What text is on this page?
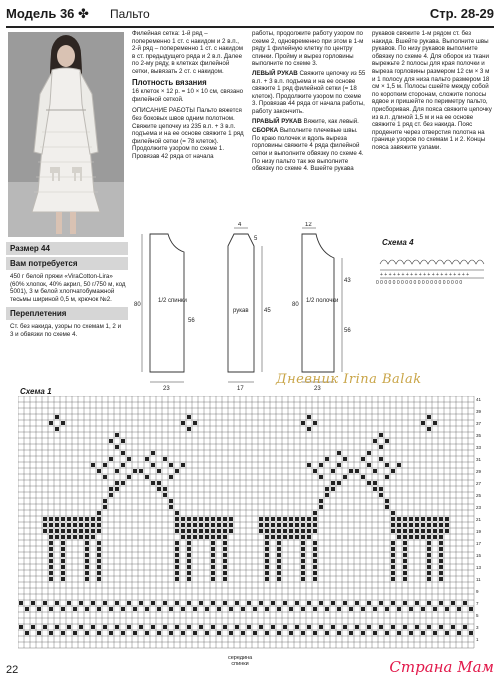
Модель 36 ✤ Пальто	Стр. 28-29

Филейная сетка: 1-й ряд – попеременно 1 ст. с накидом и 2 в.п., 2-й ряд – попеременно 1 ст. с накидом в ст. предыдущего ряда и 2 в.п. Далее по 2-му ряду, в клетках филейной сетки, вывязать 2 ст. с накидом.

Плотность вязания

16 клеток × 12 р. = 10 × 10 см, связано филейной сеткой.

ОПИСАНИЕ РАБОТЫ Пальто вяжется без боковых швов одним полотном. Свяжите цепочку из 235 в.п. + 3 в.п. подъема и на ее основе свяжите 1 ряд филейной сетки (= 78 клеток). Продолжите узором по схеме 1. Провязав 42 ряда от начала

работы, продолжите работу узором по схеме 2, одновременно при этом в 1-м ряду 1 филейную клетку по центру спинки. Пройму и вырез горловины выполните по схеме 3.

ЛЕВЫЙ РУКАВ Свяжите цепочку из 55 в.п. + 3 в.п. подъема и на ее основе свяжите 1 ряд филейной сетки (= 18 клеток). Продолжите узором по схеме 3. Провязав 44 ряда от начала работы, работу закончить.

ПРАВЫЙ РУКАВ Вяжите, как левый.

СБОРКА Выполните плечевые швы. По краю полочек и вдоль выреза горловины свяжите 4 ряда филейной сетки и выполните обвязку по схеме 4. По низу пальто так же выполните обвязку по схеме 4. Вшейте рукава

рукавов свяжите 1-м рядом ст. без накида. Вшейте рукава. Выполните швы рукавов. По низу рукавов выполните обвязку по схеме 4. Для оборок из ткани вырежьте 2 полосы для края полочки и выреза горловины размером 12 см × 3 м и 1 полосу для низа пальто размером 18 см × 1,5 м. Полосы сшейте между собой по коротким сторонам, сложите полосы вдвое и пришейте по периметру пальто, присборивая. Для пояса свяжите цепочку из в.п. длиной 1,5 м и на ее основе свяжите 1 ряд ст. без накида. Пояс продените через отверстия полотна на границе узоров по схемам 1 и 2. Концы пояса завяжите узлами.

Размер 44
Вам потребуется
450 г белой пряжи «ViraCotton-Lira» (60% хлопок, 40% акрил, 50 г/750 м, код 5001), 3 м белой хлопчатобумажной тесьмы шириной 0,5 м, крючок №2.
Переплетения
Ст. без накида, узоры по схемам 1, 2 и 3 и обвязки по схеме 4.
1/2 спинки
рукав
1/2 полочки
23
80
56
4
5
17
45
12
23
80
56
43
Схема 4
+ + + + + + + + + + + + + + + + + + + + +
0 0 0 0 0 0 0 0 0 0 0 0 0 0 0 0 0 0 0 0 0
Дневник Irina Balak
Схема 1
41
39
37
35
33
31
29
27
25
23
21
19
17
15
13
11
9
7
5
3
1
середина
спинки
22	Страна Мам
